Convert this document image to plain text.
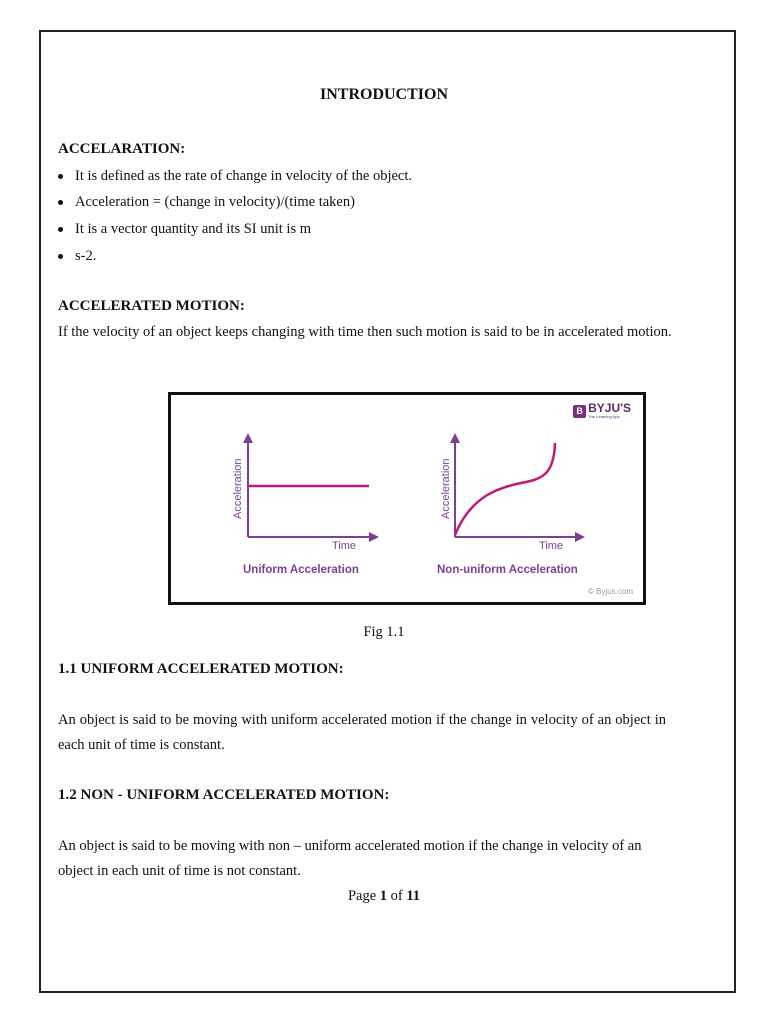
INTRODUCTION
ACCELARATION:
It is defined as the rate of change in velocity of the object.
Acceleration = (change in velocity)/(time taken)
It is a vector quantity and its SI unit is m
s-2.
ACCELERATED MOTION:
If the velocity of an object keeps changing with time then such motion is said to be in accelerated motion.
B BYJU'S
The Learning App
Acceleration
Time
Uniform Acceleration
Acceleration
Time
Non-uniform Acceleration
© Byjus.com
Fig 1.1
1.1 UNIFORM ACCELERATED MOTION:
An object is said to be moving with uniform accelerated motion if the change in velocity of an object in each unit of time is constant.
1.2 NON - UNIFORM ACCELERATED MOTION:
An object is said to be moving with non – uniform accelerated motion if the change in velocity of an object in each unit of time is not constant.
Page 1 of 11
